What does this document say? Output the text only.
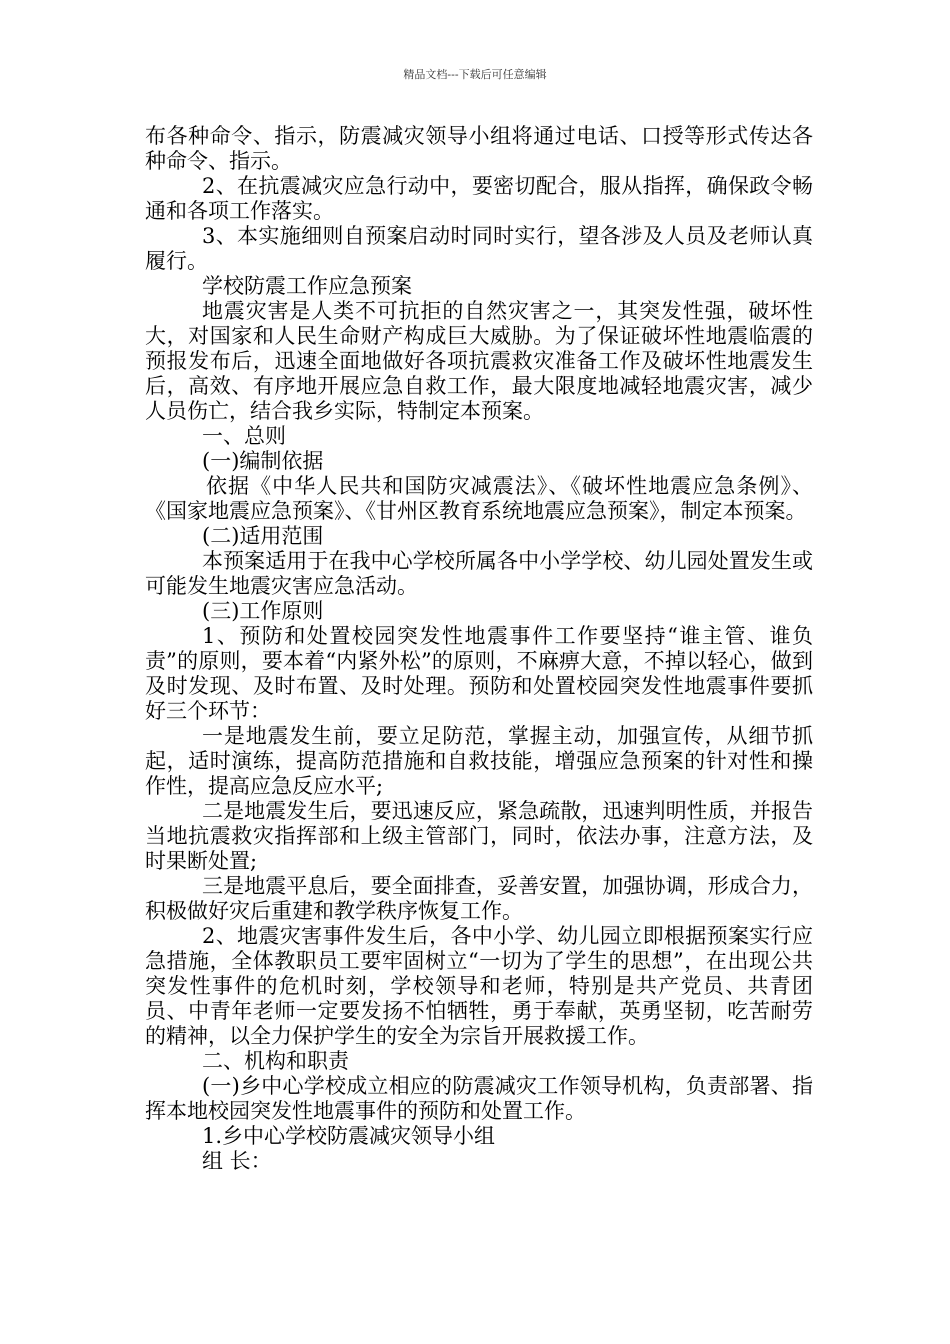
精品文档---下载后可任意编辑

布各种命令、指示，防震减灾领导小组将通过电话、口授等形式传达各种命令、指示。

2、在抗震减灾应急行动中，要密切配合，服从指挥，确保政令畅通和各项工作落实。

3、本实施细则自预案启动时同时实行，望各涉及人员及老师认真履行。

学校防震工作应急预案

地震灾害是人类不可抗拒的自然灾害之一，其突发性强，破坏性大，对国家和人民生命财产构成巨大威胁。为了保证破坏性地震临震的预报发布后，迅速全面地做好各项抗震救灾准备工作及破坏性地震发生后，高效、有序地开展应急自救工作，最大限度地减轻地震灾害，减少人员伤亡，结合我乡实际，特制定本预案。

一、总则

(一)编制依据

依据《中华人民共和国防灾减震法》、《破坏性地震应急条例》、《国家地震应急预案》、《甘州区教育系统地震应急预案》，制定本预案。

(二)适用范围

本预案适用于在我中心学校所属各中小学学校、幼儿园处置发生或可能发生地震灾害应急活动。

(三)工作原则

1、预防和处置校园突发性地震事件工作要坚持“谁主管、谁负责”的原则，要本着“内紧外松”的原则，不麻痹大意，不掉以轻心，做到及时发现、及时布置、及时处理。预防和处置校园突发性地震事件要抓好三个环节：

一是地震发生前，要立足防范，掌握主动，加强宣传，从细节抓起，适时演练，提高防范措施和自救技能，增强应急预案的针对性和操作性，提高应急反应水平;

二是地震发生后，要迅速反应，紧急疏散，迅速判明性质，并报告当地抗震救灾指挥部和上级主管部门，同时，依法办事，注意方法，及时果断处置;

三是地震平息后，要全面排查，妥善安置，加强协调，形成合力，积极做好灾后重建和教学秩序恢复工作。

2、地震灾害事件发生后，各中小学、幼儿园立即根据预案实行应急措施，全体教职员工要牢固树立“一切为了学生的思想”，在出现公共突发性事件的危机时刻，学校领导和老师，特别是共产党员、共青团员、中青年老师一定要发扬不怕牺牲，勇于奉献，英勇坚韧，吃苦耐劳的精神，以全力保护学生的安全为宗旨开展救援工作。

二、机构和职责

(一)乡中心学校成立相应的防震减灾工作领导机构，负责部署、指挥本地校园突发性地震事件的预防和处置工作。

1.乡中心学校防震减灾领导小组

组 长：
